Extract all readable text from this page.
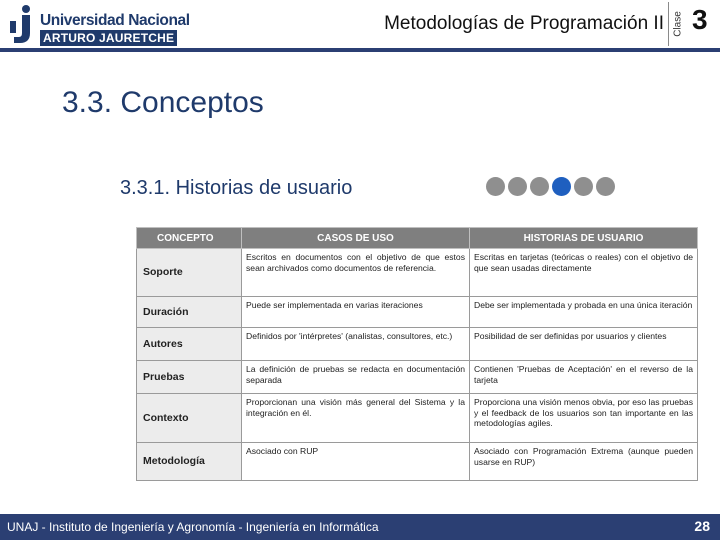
Universidad Nacional
ARTURO JAURETCHE
Metodologías de Programación II Clase 3
3.3. Conceptos
3.3.1. Historias de usuario
CONCEPTO	CASOS DE USO	HISTORIAS DE USUARIO
Soporte	Escritos en documentos con el objetivo de que estos sean archivados como documentos de referencia.	Escritas en tarjetas (teóricas o reales) con el objetivo de que sean usadas directamente
Duración	Puede ser implementada en varias iteraciones	Debe ser implementada y probada en una única iteración
Autores	Definidos por 'intérpretes' (analistas, consultores, etc.)	Posibilidad de ser definidas por usuarios y clientes
Pruebas	La definición de pruebas se redacta en documentación separada	Contienen 'Pruebas de Aceptación' en el reverso de la tarjeta
Contexto	Proporcionan una visión más general del Sistema y la integración en él.	Proporciona una visión menos obvia, por eso las pruebas y el feedback de los usuarios son tan importante en las metodologías agiles.
Metodología	Asociado con RUP	Asociado con Programación Extrema (aunque pueden usarse en RUP)
UNAJ - Instituto de Ingeniería y Agronomía - Ingeniería en Informática	28
